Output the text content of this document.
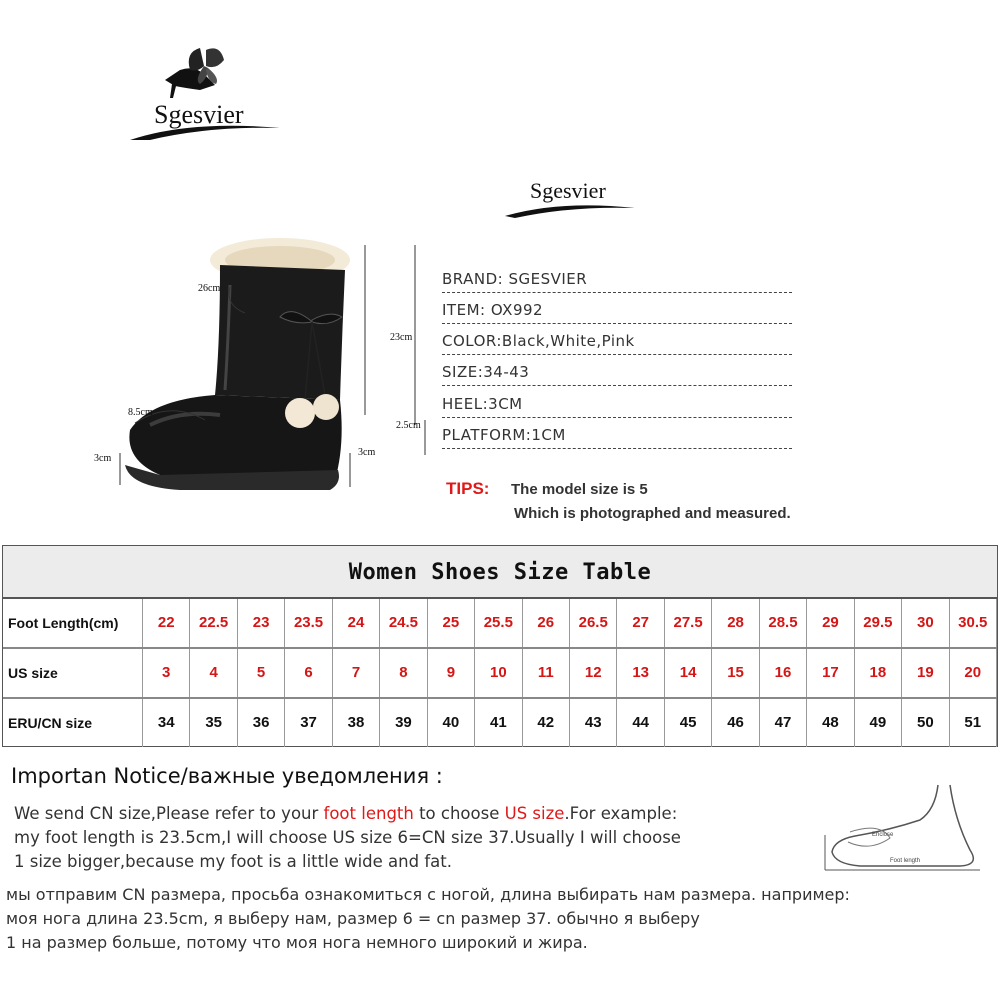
Sgesvier
Sgesvier
26cm
23cm
8.5cm
3cm
3cm
2.5cm
BRAND: SGESVIER
ITEM: OX992
COLOR:Black,White,Pink
SIZE:34-43
HEEL:3CM
PLATFORM:1CM
TIPS: The model size is 5
Which is photographed and measured.
Women Shoes Size Table
Foot Length(cm)	22	22.5	23	23.5	24	24.5	25	25.5	26	26.5	27	27.5	28	28.5	29	29.5	30	30.5
US size	3	4	5	6	7	8	9	10	11	12	13	14	15	16	17	18	19	20
ERU/CN size	34	35	36	37	38	39	40	41	42	43	44	45	46	47	48	49	50	51
Importan Notice/важные уведомления :
We send CN size,Please refer to your foot length to choose US size.For example:
my foot length is 23.5cm,I will choose US size 6=CN size 37.Usually I will choose
1 size bigger,because my foot is a little wide and fat.
мы отправим CN размера, просьба ознакомиться с ногой, длина выбирать нам размера. например:
моя нога длина 23.5cm, я выберу нам, размер 6 = cn размер 37. обычно я выберу
1 на размер больше, потому что моя нога немного широкий и жира.
Enclose
Foot length
